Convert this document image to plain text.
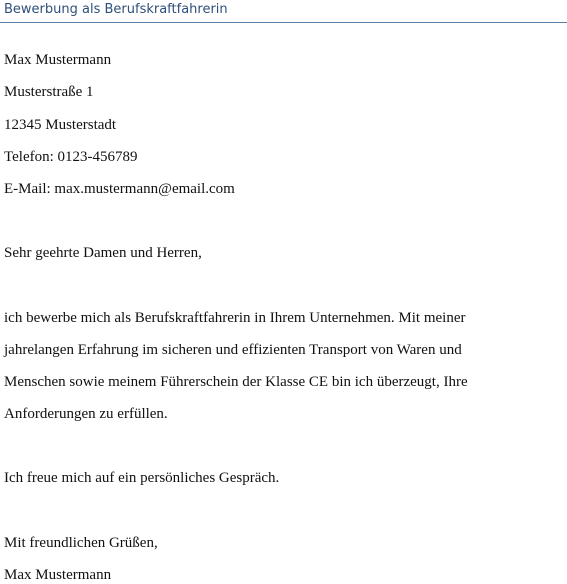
Bewerbung als Berufskraftfahrerin
Max Mustermann
Musterstraße 1
12345 Musterstadt
Telefon: 0123-456789
E-Mail: max.mustermann@email.com
Sehr geehrte Damen und Herren,
ich bewerbe mich als Berufskraftfahrerin in Ihrem Unternehmen. Mit meiner
jahrelangen Erfahrung im sicheren und effizienten Transport von Waren und
Menschen sowie meinem Führerschein der Klasse CE bin ich überzeugt, Ihre
Anforderungen zu erfüllen.
Ich freue mich auf ein persönliches Gespräch.
Mit freundlichen Grüßen,
Max Mustermann
